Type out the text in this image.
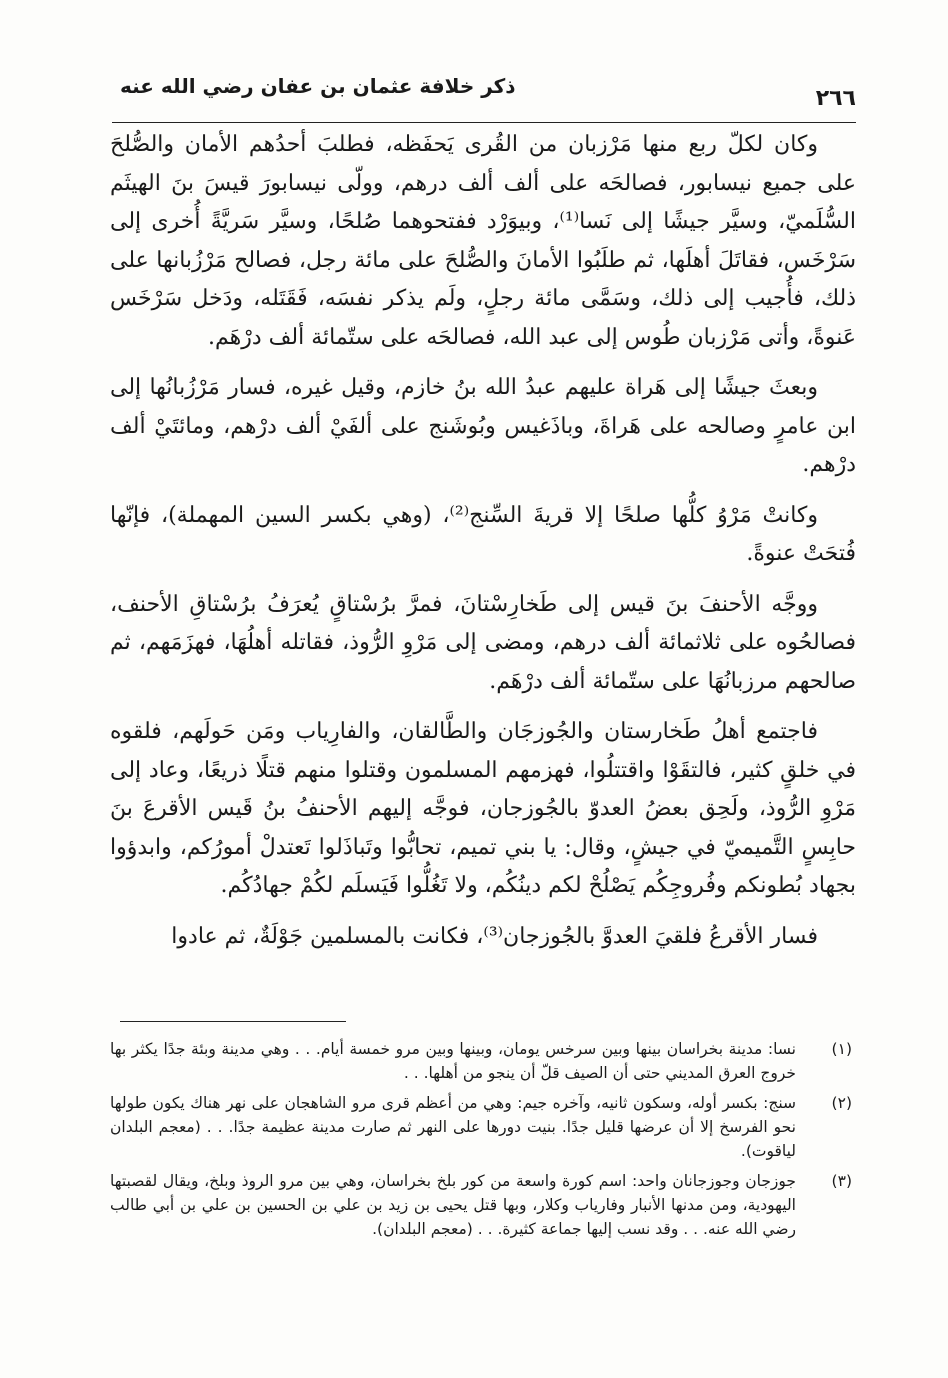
ذكر خلافة عثمان بن عفان رضي الله عنه	٢٦٦

وكان لكلّ ربع منها مَرْزبان من القُرى يَحفَظه، فطلبَ أحدُهم الأمان والصُّلحَ على جميع نيسابور، فصالحَه على ألف ألف درهم، وولّى نيسابورَ قيسَ بنَ الهيثَم السُّلَميّ، وسيَّر جيشًا إلى نَسا⁽¹⁾، وبيوَرْد ففتحوهما صُلحًا، وسيَّر سَريَّةً أُخرى إلى سَرْخَس، فقاتَلَ أهلَها، ثم طلَبُوا الأمانَ والصُّلحَ على مائة رجل، فصالح مَرْزُبانها على ذلك، فأُجيب إلى ذلك، وسَمَّى مائة رجلٍ، ولَم يذكر نفسَه، فَقَتَله، ودَخل سَرْخَس عَنوةً، وأتى مَرْزبان طُوس إلى عبد الله، فصالحَه على ستّمائة ألف درْهَم.

وبعثَ جيشًا إلى هَراة عليهم عبدُ الله بنُ خازم، وقيل غيره، فسار مَرْزُبانُها إلى ابن عامرٍ وصالحه على هَراةَ، وباذَغيس وبُوشَنج على ألفَيْ ألف درْهم، ومائتَيْ ألف درْهم.

وكانتْ مَرْوُ كلُّها صلحًا إلا قريةَ السِّنج⁽²⁾، (وهي بكسر السين المهملة)، فإنّها فُتحَتْ عنوةً.

ووجَّه الأحنفَ بنَ قيس إلى طَخارِسْتانَ، فمرَّ برُسْتاقٍ يُعرَفُ برُسْتاقِ الأحنف، فصالحُوه على ثلاثمائة ألف درهم، ومضى إلى مَرْوِ الرُّوذ، فقاتله أهلُهَا، فهزَمَهم، ثم صالحهم مرزبانُهَا على ستّمائة ألف درْهَم.

فاجتمع أهلُ طَخارستان والجُوزجَان والطَّالقان، والفارِياب ومَن حَولَهم، فلقوه في خلقٍ كثير، فالتقَوْا واقتتلُوا، فهزمهم المسلمون وقتلوا منهم قتلًا ذريعًا، وعاد إلى مَرْوِ الرُّوذ، ولَحِق بعضُ العدوّ بالجُوزجان، فوجَّه إليهم الأحنفُ بنُ قَيس الأقرعَ بنَ حابِسٍ التَّميميّ في جيشٍ، وقال: يا بني تميم، تحابُّوا وتَباذَلوا تَعتدلْ أمورُكم، وابدؤوا بجهاد بُطونكم وفُروجِكُم يَصْلُحْ لكم دينُكُم، ولا تَغُلُّوا فَيَسلَم لكُمْ جهادُكُم.

فسار الأقرعُ فلقيَ العدوَّ بالجُوزجان⁽³⁾، فكانت بالمسلمين جَوْلَةٌ، ثم عادوا

(١)
نسا: مدينة بخراسان بينها وبين سرخس يومان، وبينها وبين مرو خمسة أيام. . . وهي مدينة وبئة جدًا يكثر بها خروج العرق المديني حتى أن الصيف قلّ أن ينجو من أهلها. . .
(٢)
سنج: بكسر أوله، وسكون ثانيه، وآخره جيم: وهي من أعظم قرى مرو الشاهجان على نهر هناك يكون طولها نحو الفرسخ إلا أن عرضها قليل جدًا. بنيت دورها على النهر ثم صارت مدينة عظيمة جدًا. . . (معجم البلدان لياقوت).
(٣)
جوزجان وجوزجانان واحد: اسم كورة واسعة من كور بلخ بخراسان، وهي بين مرو الروذ وبلخ، ويقال لقصبتها اليهودية، ومن مدنها الأنبار وفارياب وكلار، وبها قتل يحيى بن زيد بن علي بن الحسين بن علي بن أبي طالب رضي الله عنه. . . وقد نسب إليها جماعة كثيرة. . . (معجم البلدان).
